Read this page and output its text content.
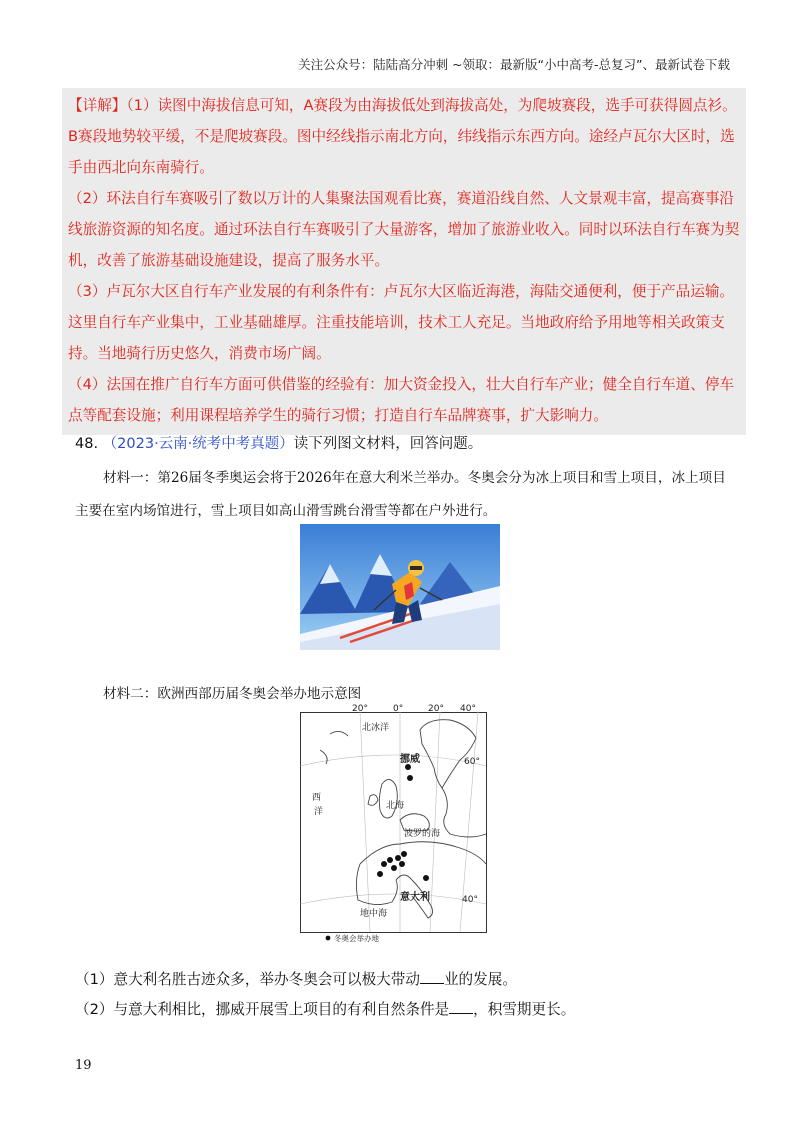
关注公众号：陆陆高分冲刺 ~领取：最新版“小中高考-总复习”、最新试卷下载

【详解】（1）读图中海拔信息可知，A赛段为由海拔低处到海拔高处，为爬坡赛段，选手可获得圆点衫。B赛段地势较平缓，不是爬坡赛段。图中经线指示南北方向，纬线指示东西方向。途经卢瓦尔大区时，选手由西北向东南骑行。

（2）环法自行车赛吸引了数以万计的人集聚法国观看比赛，赛道沿线自然、人文景观丰富，提高赛事沿线旅游资源的知名度。通过环法自行车赛吸引了大量游客，增加了旅游业收入。同时以环法自行车赛为契机，改善了旅游基础设施建设，提高了服务水平。

（3）卢瓦尔大区自行车产业发展的有利条件有：卢瓦尔大区临近海港，海陆交通便利，便于产品运输。这里自行车产业集中，工业基础雄厚。注重技能培训，技术工人充足。当地政府给予用地等相关政策支持。当地骑行历史悠久，消费市场广阔。

（4）法国在推广自行车方面可供借鉴的经验有：加大资金投入，壮大自行车产业；健全自行车道、停车点等配套设施；利用课程培养学生的骑行习惯；打造自行车品牌赛事，扩大影响力。

48. （2023·云南·统考中考真题）读下列图文材料，回答问题。

材料一：第26届冬季奥运会将于2026年在意大利米兰举办。冬奥会分为冰上项目和雪上项目，冰上项目主要在室内场馆进行，雪上项目如高山滑雪跳台滑雪等都在户外进行。

材料二：欧洲西部历届冬奥会举办地示意图
20°	0°	20° 40°
60°
40°
北冰洋
西
洋
北海
波罗的海
地中海
挪威
意大利
冬奥会举办地
（1）意大利名胜古迹众多，举办冬奥会可以极大带动 业的发展。
（2）与意大利相比，挪威开展雪上项目的有利自然条件是 ，积雪期更长。
19
